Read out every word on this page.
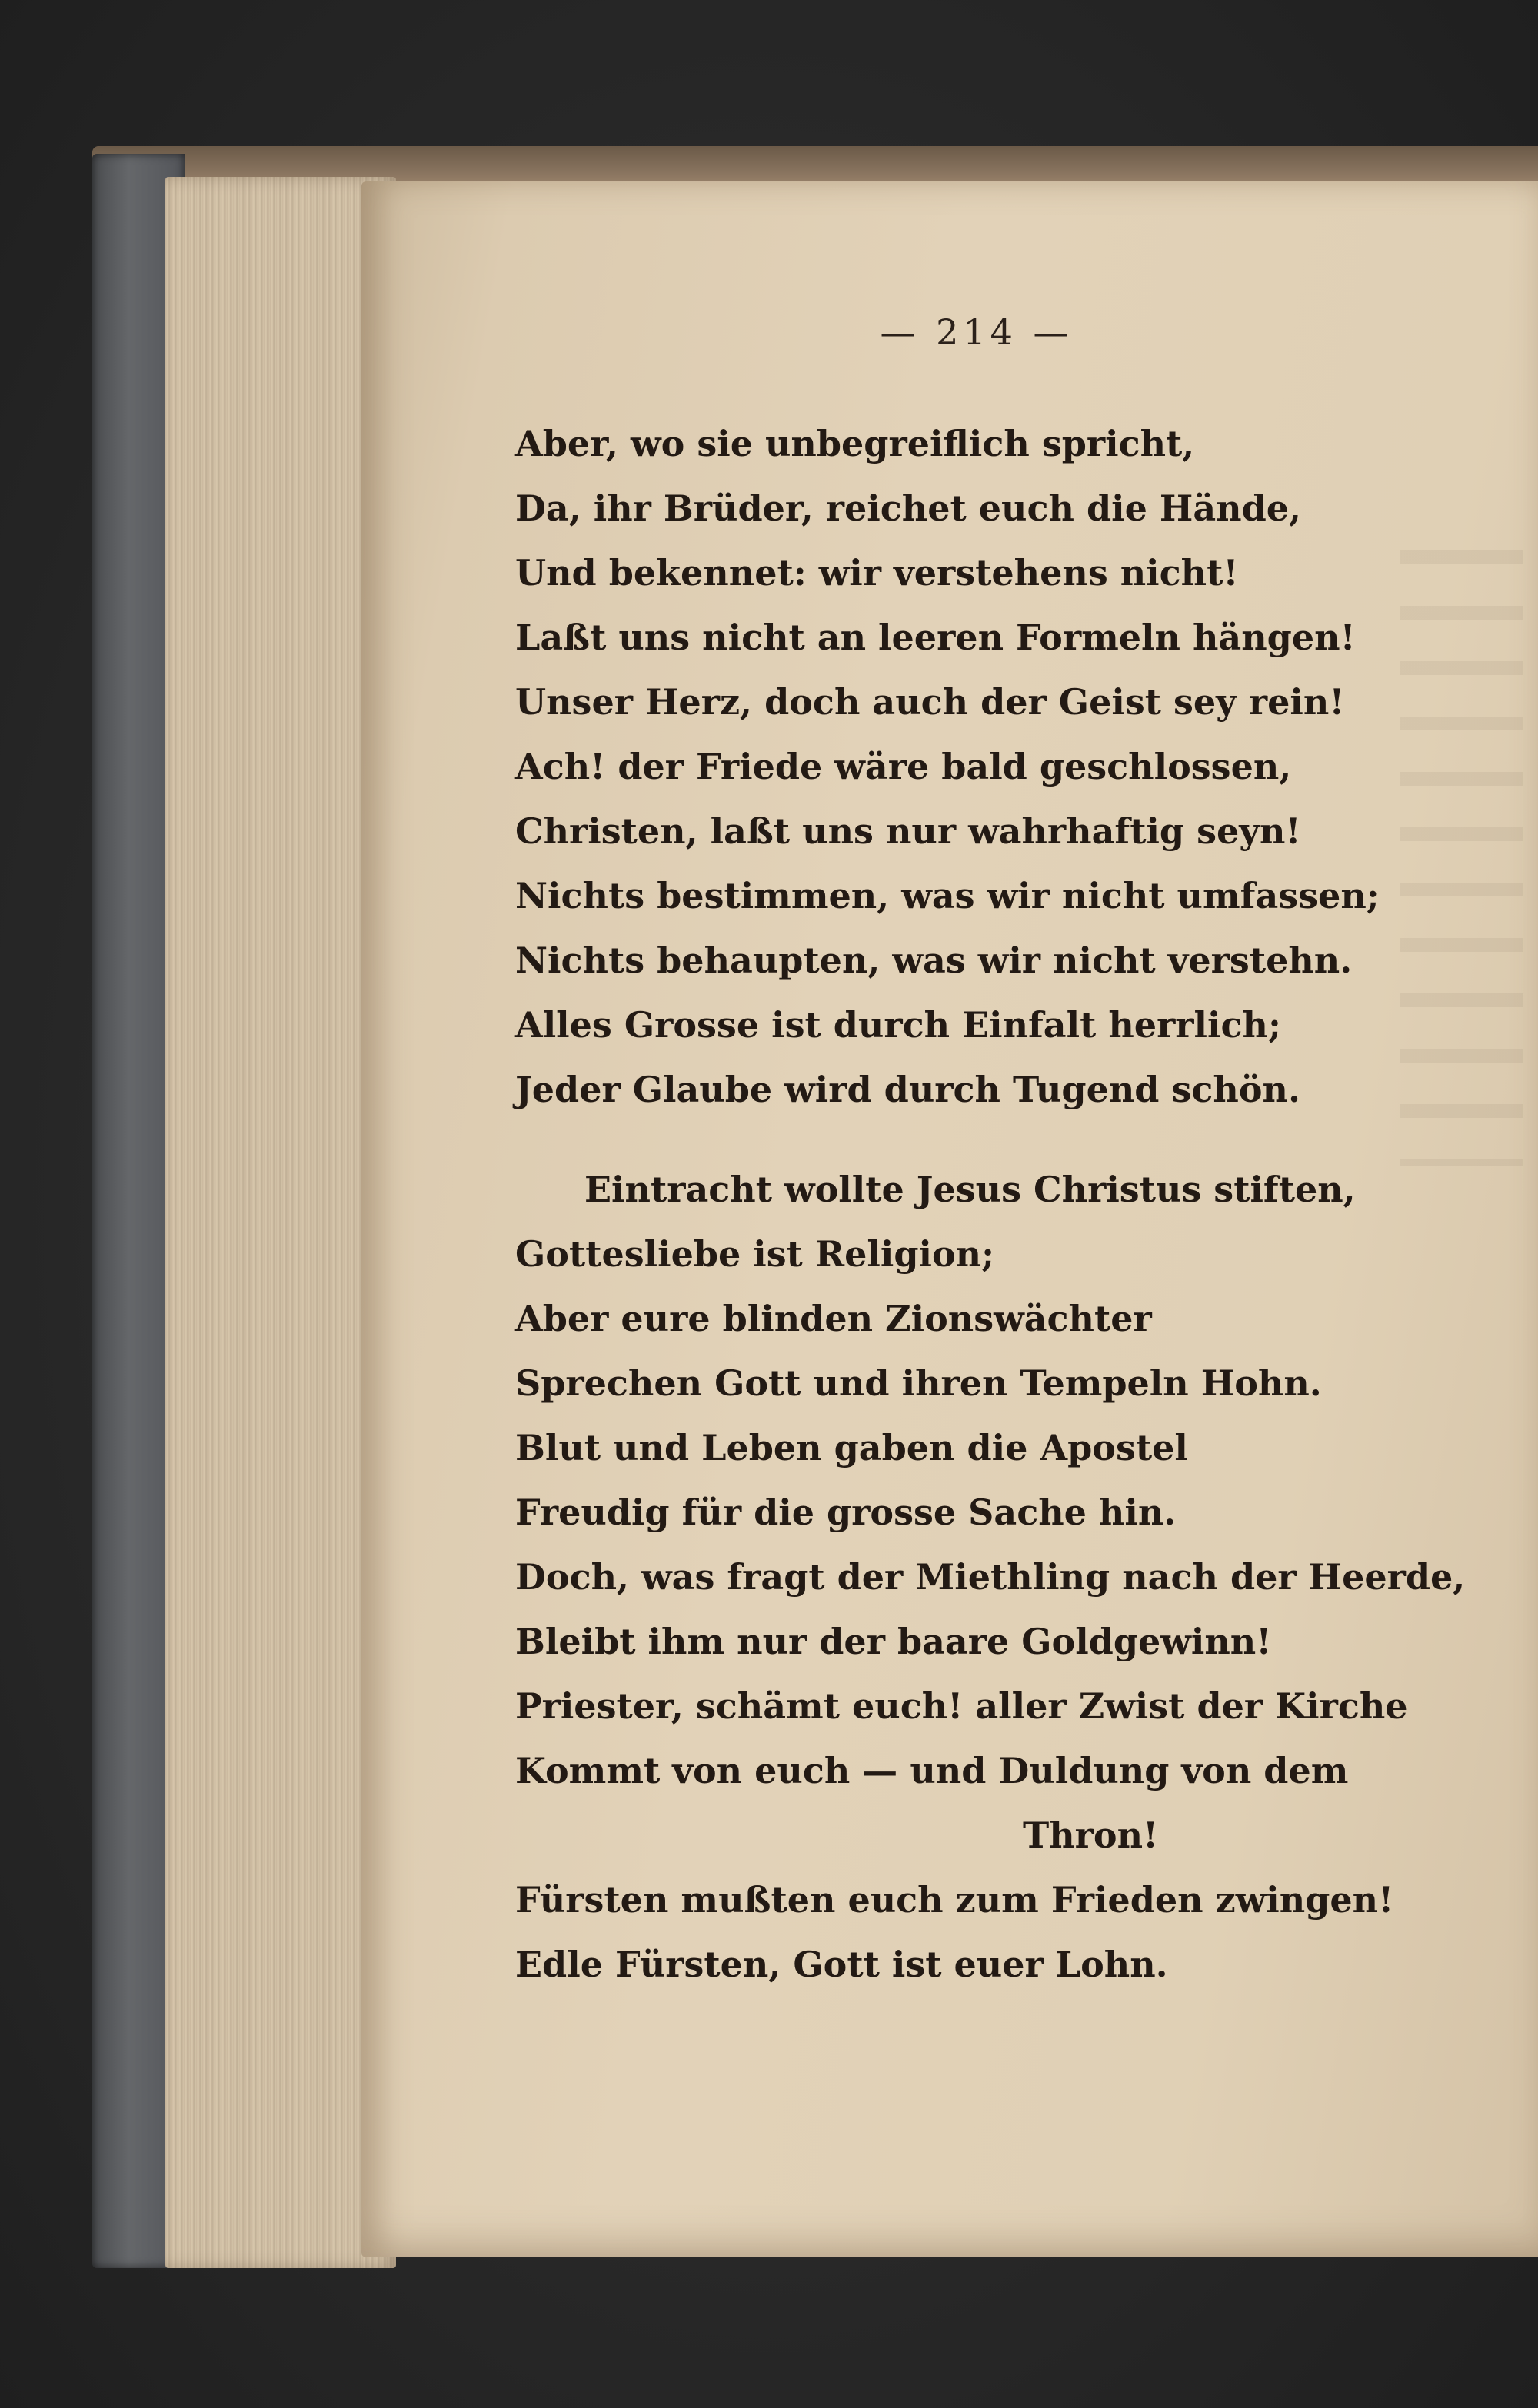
— 214 —
Aber, wo sie unbegreiflich spricht,
Da, ihr Brüder, reichet euch die Hände,
Und bekennet: wir verstehens nicht!
Laßt uns nicht an leeren Formeln hängen!
Unser Herz, doch auch der Geist sey rein!
Ach! der Friede wäre bald geschlossen,
Christen, laßt uns nur wahrhaftig seyn!
Nichts bestimmen, was wir nicht umfassen;
Nichts behaupten, was wir nicht verstehn.
Alles Grosse ist durch Einfalt herrlich;
Jeder Glaube wird durch Tugend schön.
Eintracht wollte Jesus Christus stiften,
Gottesliebe ist Religion;
Aber eure blinden Zionswächter
Sprechen Gott und ihren Tempeln Hohn.
Blut und Leben gaben die Apostel
Freudig für die grosse Sache hin.
Doch, was fragt der Miethling nach der Heerde,
Bleibt ihm nur der baare Goldgewinn!
Priester, schämt euch! aller Zwist der Kirche
Kommt von euch — und Duldung von dem
Thron!
Fürsten mußten euch zum Frieden zwingen!
Edle Fürsten, Gott ist euer Lohn.
